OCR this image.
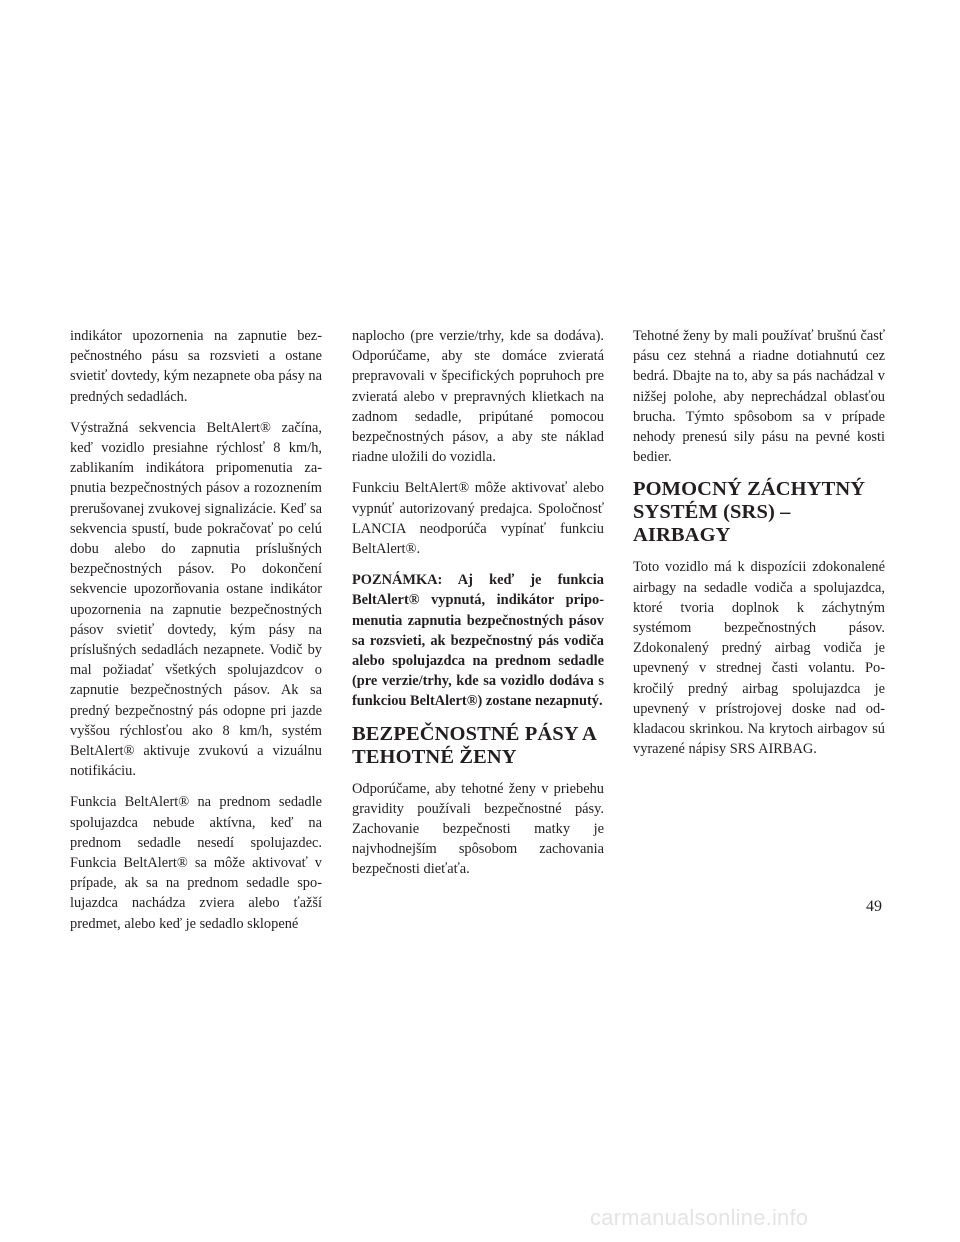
indikátor upozornenia na zapnutie bezpečnostného pásu sa rozsvieti a ostane svietiť dovtedy, kým nezapnete oba pásy na predných sedadlách.

Výstražná sekvencia BeltAlert® začína, keď vozidlo presiahne rýchlosť 8 km/h, zablikaním indikátora pripomenutia zapnutia bezpečnostných pásov a rozoznením prerušovanej zvukovej signalizácie. Keď sa sekvencia spustí, bude pokračovať po celú dobu alebo do zapnutia príslušných bezpečnostných pásov. Po dokončení sekvencie upozorňovania ostane indikátor upozornenia na zapnutie bezpečnostných pásov svietiť dovtedy, kým pásy na príslušných sedadlách nezapnete. Vodič by mal požiadať všetkých spolujazdcov o zapnutie bezpečnostných pásov. Ak sa predný bezpečnostný pás odopne pri jazde vyššou rýchlosťou ako 8 km/h, systém BeltAlert® aktivuje zvukovú a vizuálnu notifikáciu.

Funkcia BeltAlert® na prednom sedadle spolujazdca nebude aktívna, keď na prednom sedadle nesedí spolujazdec. Funkcia BeltAlert® sa môže aktivovať v prípade, ak sa na prednom sedadle spolujazdca nachádza zviera alebo ťažší predmet, alebo keď je sedadlo sklopené

naplocho (pre verzie/trhy, kde sa dodáva). Odporúčame, aby ste domáce zvieratá prepravovali v špecifických popruhoch pre zvieratá alebo v prepravných klietkach na zadnom sedadle, pripútané pomocou bezpečnostných pásov, a aby ste náklad riadne uložili do vozidla.

Funkciu BeltAlert® môže aktivovať alebo vypnúť autorizovaný predajca. Spoločnosť LANCIA neodporúča vypínať funkciu BeltAlert®.

POZNÁMKA: Aj keď je funkcia BeltAlert® vypnutá, indikátor pripomenutia zapnutia bezpečnostných pásov sa rozsvieti, ak bezpečnostný pás vodiča alebo spolujazdca na prednom sedadle (pre verzie/trhy, kde sa vozidlo dodáva s funkciou BeltAlert®) zostane nezapnutý.

BEZPEČNOSTNÉ PÁSY A
TEHOTNÉ ŽENY

Odporúčame, aby tehotné ženy v priebehu gravidity používali bezpečnostné pásy. Zachovanie bezpečnosti matky je najvhodnejším spôsobom zachovania bezpečnosti dieťaťa.

Tehotné ženy by mali používať brušnú časť pásu cez stehná a riadne dotiahnutú cez bedrá. Dbajte na to, aby sa pás nachádzal v nižšej polohe, aby neprechádzal oblasťou brucha. Týmto spôsobom sa v prípade nehody prenesú sily pásu na pevné kosti bedier.

POMOCNÝ ZÁCHYTNÝ
SYSTÉM (SRS) – AIRBAGY

Toto vozidlo má k dispozícii zdokonalené airbagy na sedadle vodiča a spolujazdca, ktoré tvoria doplnok k záchytným systémom bezpečnostných pásov. Zdokonalený predný airbag vodiča je upevnený v strednej časti volantu. Pokročilý predný airbag spolujazdca je upevnený v prístrojovej doske nad odkladacou skrinkou. Na krytoch airbagov sú vyrazené nápisy SRS AIRBAG.

49
carmanualsonline.info
